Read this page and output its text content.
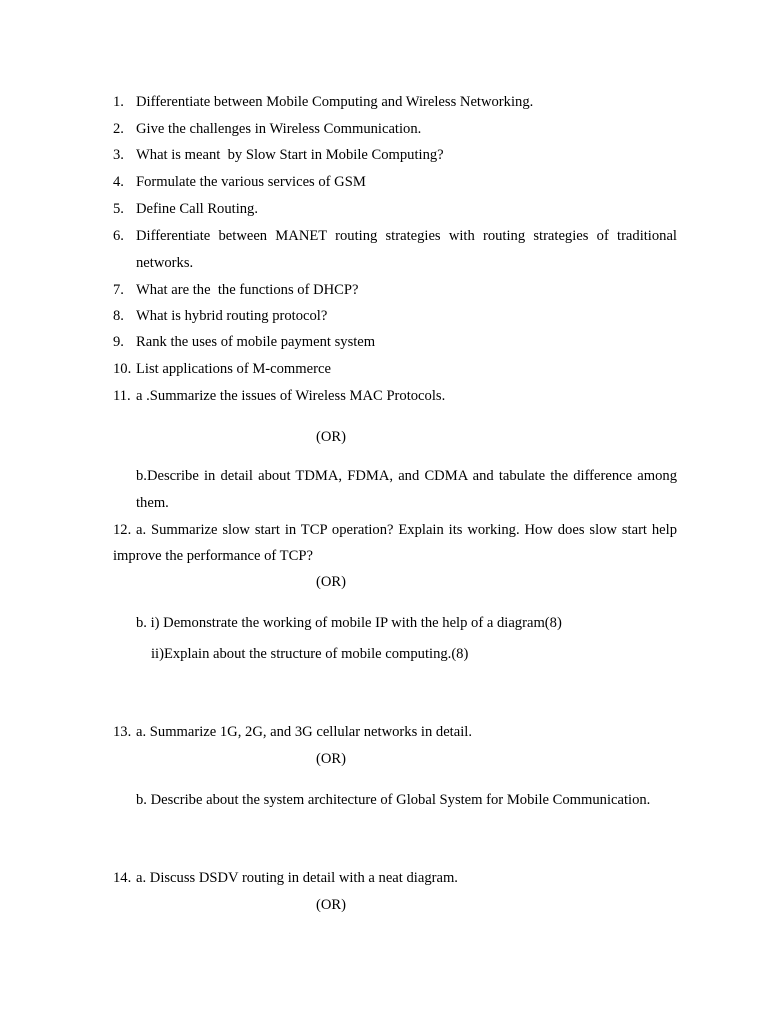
1. Differentiate between Mobile Computing and Wireless Networking.
2. Give the challenges in Wireless Communication.
3. What is meant  by Slow Start in Mobile Computing?
4. Formulate the various services of GSM
5. Define Call Routing.
6. Differentiate between MANET routing strategies with routing strategies of traditional
networks.
7. What are the  the functions of DHCP?
8. What is hybrid routing protocol?
9. Rank the uses of mobile payment system
10. List applications of M-commerce
11. a .Summarize the issues of Wireless MAC Protocols.
(OR)
b.Describe in detail about TDMA, FDMA, and CDMA and tabulate the difference among
them.
12. a. Summarize slow start in TCP operation? Explain its working. How does slow start help
improve the performance of TCP?
(OR)
b. i) Demonstrate the working of mobile IP with the help of a diagram(8)
ii)Explain about the structure of mobile computing.(8)
13. a. Summarize 1G, 2G, and 3G cellular networks in detail.
(OR)
b. Describe about the system architecture of Global System for Mobile Communication.
14. a. Discuss DSDV routing in detail with a neat diagram.
(OR)
